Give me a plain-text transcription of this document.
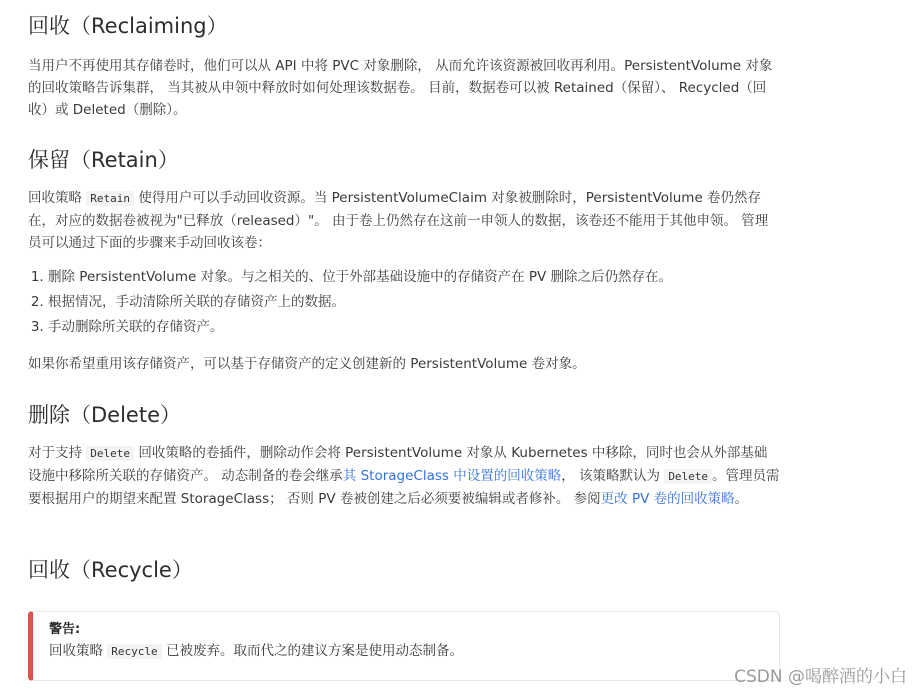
回收（Reclaiming）

当用户不再使用其存储卷时，他们可以从 API 中将 PVC 对象删除， 从而允许该资源被回收再利用。PersistentVolume 对象的回收策略告诉集群， 当其被从申领中释放时如何处理该数据卷。 目前，数据卷可以被 Retained（保留）、 Recycled（回收）或 Deleted（删除）。

保留（Retain）

回收策略 Retain 使得用户可以手动回收资源。当 PersistentVolumeClaim 对象被删除时，PersistentVolume 卷仍然存在，对应的数据卷被视为"已释放（released）"。 由于卷上仍然存在这前一申领人的数据，该卷还不能用于其他申领。 管理员可以通过下面的步骤来手动回收该卷：

1. 删除 PersistentVolume 对象。与之相关的、位于外部基础设施中的存储资产在 PV 删除之后仍然存在。
2. 根据情况，手动清除所关联的存储资产上的数据。
3. 手动删除所关联的存储资产。

如果你希望重用该存储资产，可以基于存储资产的定义创建新的 PersistentVolume 卷对象。

删除（Delete）

对于支持 Delete 回收策略的卷插件，删除动作会将 PersistentVolume 对象从 Kubernetes 中移除，同时也会从外部基础设施中移除所关联的存储资产。 动态制备的卷会继承其 StorageClass 中设置的回收策略， 该策略默认为 Delete 。管理员需要根据用户的期望来配置 StorageClass； 否则 PV 卷被创建之后必须要被编辑或者修补。 参阅更改 PV 卷的回收策略。

回收（Recycle）
警告:
回收策略 Recycle 已被废弃。取而代之的建议方案是使用动态制备。
CSDN @喝醉酒的小白
